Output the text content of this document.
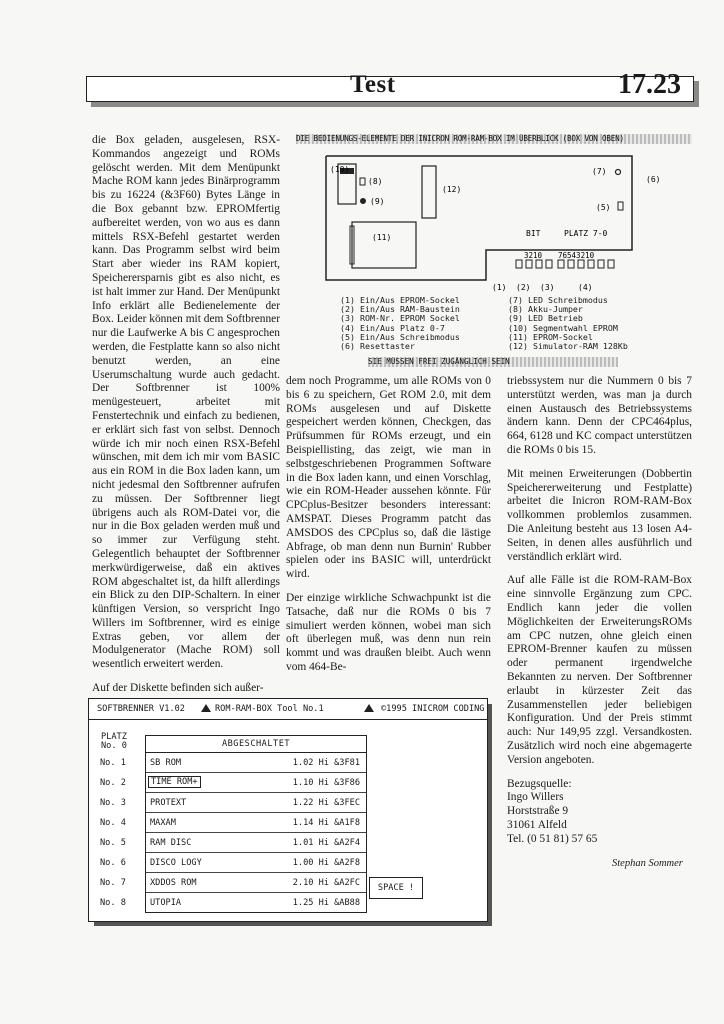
Test	17.23

die Box geladen, ausgelesen, RSX-Kommandos angezeigt und ROMs gelöscht werden. Mit dem Menüpunkt Mache ROM kann jedes Binärprogramm bis zu 16224 (&3F60) Bytes Länge in die Box gebannt bzw. EPROMfertig aufbereitet werden, von wo aus es dann mittels RSX-Befehl gestartet werden kann. Das Programm selbst wird beim Start aber wieder ins RAM kopiert, Speicherersparnis gibt es also nicht, es ist halt immer zur Hand. Der Menüpunkt Info erklärt alle Bedienelemente der Box. Leider können mit dem Softbrenner nur die Laufwerke A bis C angesprochen werden, die Festplatte kann so also nicht benutzt werden, an eine Userumschaltung wurde auch gedacht. Der Softbrenner ist 100% menügesteuert, arbeitet mit Fenstertechnik und einfach zu bedienen, er erklärt sich fast von selbst. Dennoch würde ich mir noch einen RSX-Befehl wünschen, mit dem ich mir vom BASIC aus ein ROM in die Box laden kann, um nicht jedesmal den Softbrenner aufrufen zu müssen. Der Softbrenner liegt übrigens auch als ROM-Datei vor, die nur in die Box geladen werden muß und so immer zur Verfügung steht. Gelegentlich behauptet der Softbrenner merkwürdigerweise, daß ein aktives ROM abgeschaltet ist, da hilft allerdings ein Blick zu den DIP-Schaltern. In einer künftigen Version, so verspricht Ingo Willers im Softbrenner, wird es einige Extras geben, vor allem der Modulgenerator (Mache ROM) soll wesentlich erweitert werden.

Auf der Diskette befinden sich außer-

DIE BEDIENUNGS-ELEMENTE DER INICRON ROM-RAM-BOX IM ÜBERBLICK (BOX VON OBEN)
(10)
(8)
(9)
(12)
(7)
(6)
(5)
(11)	BIT	PLATZ 7-0
3210 76543210
(1) (2) (3)	(4)
(1) Ein/Aus EPROM-Sockel
(2) Ein/Aus RAM-Baustein
(3) ROM-Nr. EPROM Sockel
(4) Ein/Aus Platz 0-7
(5) Ein/Aus Schreibmodus
(6) Resettaster
(7) LED Schreibmodus
(8) Akku-Jumper
(9) LED Betrieb
(10) Segmentwahl EPROM
(11) EPROM-Sockel
(12) Simulator-RAM 128Kb
SIE MÜSSEN FREI ZUGÄNGLICH SEIN

dem noch Programme, um alle ROMs von 0 bis 6 zu speichern, Get ROM 2.0, mit dem ROMs ausgelesen und auf Diskette gespeichert werden können, Checkgen, das Prüfsummen für ROMs erzeugt, und ein Beispiellisting, das zeigt, wie man in selbstgeschriebenen Programmen Software in die Box laden kann, und einen Vorschlag, wie ein ROM-Header aussehen könnte. Für CPCplus-Besitzer besonders interessant: AMSPAT. Dieses Programm patcht das AMSDOS des CPCplus so, daß die lästige Abfrage, ob man denn nun Burnin' Rubber spielen oder ins BASIC will, unterdrückt wird.

Der einzige wirkliche Schwachpunkt ist die Tatsache, daß nur die ROMs 0 bis 7 simuliert werden können, wobei man sich oft überlegen muß, was denn nun rein kommt und was draußen bleibt. Auch wenn vom 464-Be-

triebssystem nur die Nummern 0 bis 7 unterstützt werden, was man ja durch einen Austausch des Betriebssystems ändern kann. Denn der CPC464plus, 664, 6128 und KC compact unterstützen die ROMs 0 bis 15.

Mit meinen Erweiterungen (Dobbertin Speichererweiterung und Festplatte) arbeitet die Inicron ROM-RAM-Box vollkommen problemlos zusammen. Die Anleitung besteht aus 13 losen A4-Seiten, in denen alles ausführlich und verständlich erklärt wird.

Auf alle Fälle ist die ROM-RAM-Box eine sinnvolle Ergänzung zum CPC. Endlich kann jeder die vollen Möglichkeiten der ErweiterungsROMs am CPC nutzen, ohne gleich einen EPROM-Brenner kaufen zu müssen oder permanent irgendwelche Bekannten zu nerven. Der Softbrenner erlaubt in kürzester Zeit das Zusammenstellen jeder beliebigen Konfiguration. Und der Preis stimmt auch: Nur 149,95 zzgl. Versandkosten. Zusätzlich wird noch eine abgemagerte Version angeboten.

Bezugsquelle:
Ingo Willers
Horststraße 9
31061 Alfeld
Tel. (0 51 81) 57 65

Stephan Sommer
SOFTBRENNER V1.02	ROM-RAM-BOX Tool No.1	©1995 INICROM CODING
PLATZ
No. 0	ABGESCHALTET
No. 1	SB ROM	1.02 Hi &3F81
No. 2	TIME ROM+	1.10 Hi &3F86
No. 3	PROTEXT	1.22 Hi &3FEC
No. 4	MAXAM	1.14 Hi &A1F8
No. 5	RAM DISC	1.01 Hi &A2F4
No. 6	DISCO LOGY	1.00 Hi &A2F8
No. 7	XDDOS ROM	2.10 Hi &A2FC
No. 8	UTOPIA	1.25 Hi &AB88
SPACE !
